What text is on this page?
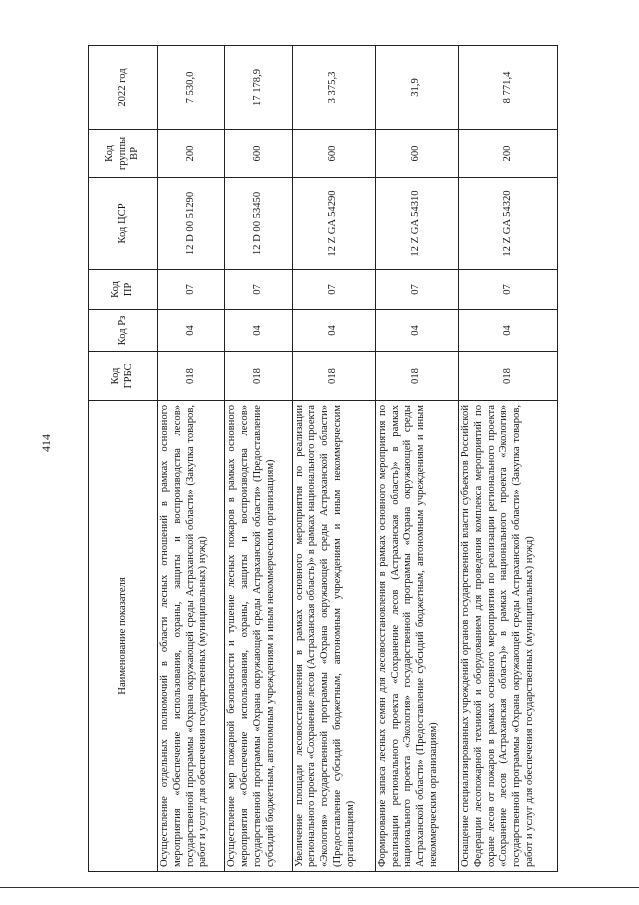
414
Наименование показателя	Код ГРБС	Код Рз	Код ПР	Код ЦСР	Код группы ВР	2022 год
Осуществление отдельных полномочий в области лесных отношений в рамках основного мероприятия «Обеспечение использования, охраны, защиты и воспроизводства лесов» государственной программы «Охрана окружающей среды Астраханской области» (Закупка товаров, работ и услуг для обеспечения государственных (муниципальных) нужд)	018	04	07	12 D 00 51290	200	7 530,0
Осуществление мер пожарной безопасности и тушение лесных пожаров в рамках основного мероприятия «Обеспечение использования, охраны, защиты и воспроизводства лесов» государственной программы «Охрана окружающей среды Астраханской области» (Предоставление субсидий бюджетным, автономным учреждениям и иным некоммерческим организациям)	018	04	07	12 D 00 53450	600	17 178,9
Увеличение площади лесовосстановления в рамках основного мероприятия по реализации регионального проекта «Сохранение лесов (Астраханская область)» в рамках национального проекта «Экология» государственной программы «Охрана окружающей среды Астраханской области» (Предоставление субсидий бюджетным, автономным учреждениям и иным некоммерческим организациям)	018	04	07	12 Z GA 54290	600	3 375,3
Формирование запаса лесных семян для лесовосстановления в рамках основного мероприятия по реализации регионального проекта «Сохранение лесов (Астраханская область)» в рамках национального проекта «Экология» государственной программы «Охрана окружающей среды Астраханской области» (Предоставление субсидий бюджетным, автономным учреждениям и иным некоммерческим организациям)	018	04	07	12 Z GA 54310	600	31,9
Оснащение специализированных учреждений органов государственной власти субъектов Российской Федерации лесопожарной техникой и оборудованием для проведения комплекса мероприятий по охране лесов от пожаров в рамках основного мероприятия по реализации регионального проекта «Сохранение лесов (Астраханская область)» в рамках национального проекта «Экология» государственной программы «Охрана окружающей среды Астраханской области» (Закупка товаров, работ и услуг для обеспечения государственных (муниципальных) нужд)	018	04	07	12 Z GA 54320	200	8 771,4
